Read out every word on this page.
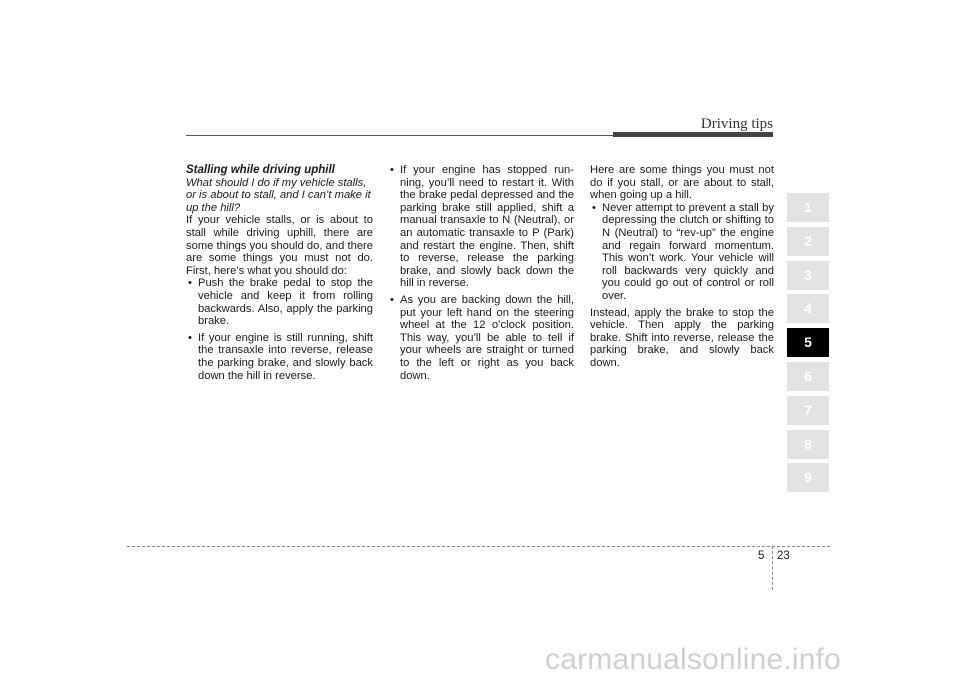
Driving tips

Stalling while driving uphill

What should I do if my vehicle stalls, or is about to stall, and I can’t make it up the hill?

If your vehicle stalls, or is about to stall while driving uphill, there are some things you should do, and there are some things you must not do. First, here’s what you should do:

• Push the brake pedal to stop the vehicle and keep it from rolling backwards. Also, apply the parking brake.
• If your engine is still running, shift the transaxle into reverse, release the parking brake, and slowly back down the hill in reverse.
• If your engine has stopped run-ning, you’ll need to restart it. With the brake pedal depressed and the parking brake still applied, shift a manual transaxle to N (Neutral), or an automatic transaxle to P (Park) and restart the engine. Then, shift to reverse, release the parking brake, and slowly back down the hill in reverse.
• As you are backing down the hill, put your left hand on the steering wheel at the 12 o’clock position. This way, you’ll be able to tell if your wheels are straight or turned to the left or right as you back down.

Here are some things you must not do if you stall, or are about to stall, when going up a hill.

• Never attempt to prevent a stall by depressing the clutch or shifting to N (Neutral) to “rev-up” the engine and regain forward momentum. This won’t work. Your vehicle will roll backwards very quickly and you could go out of control or roll over.

Instead, apply the brake to stop the vehicle. Then apply the parking brake. Shift into reverse, release the parking brake, and slowly back down.

1
2
3
4
5
6
7
8
9
5 23
carmanualsonline.info
